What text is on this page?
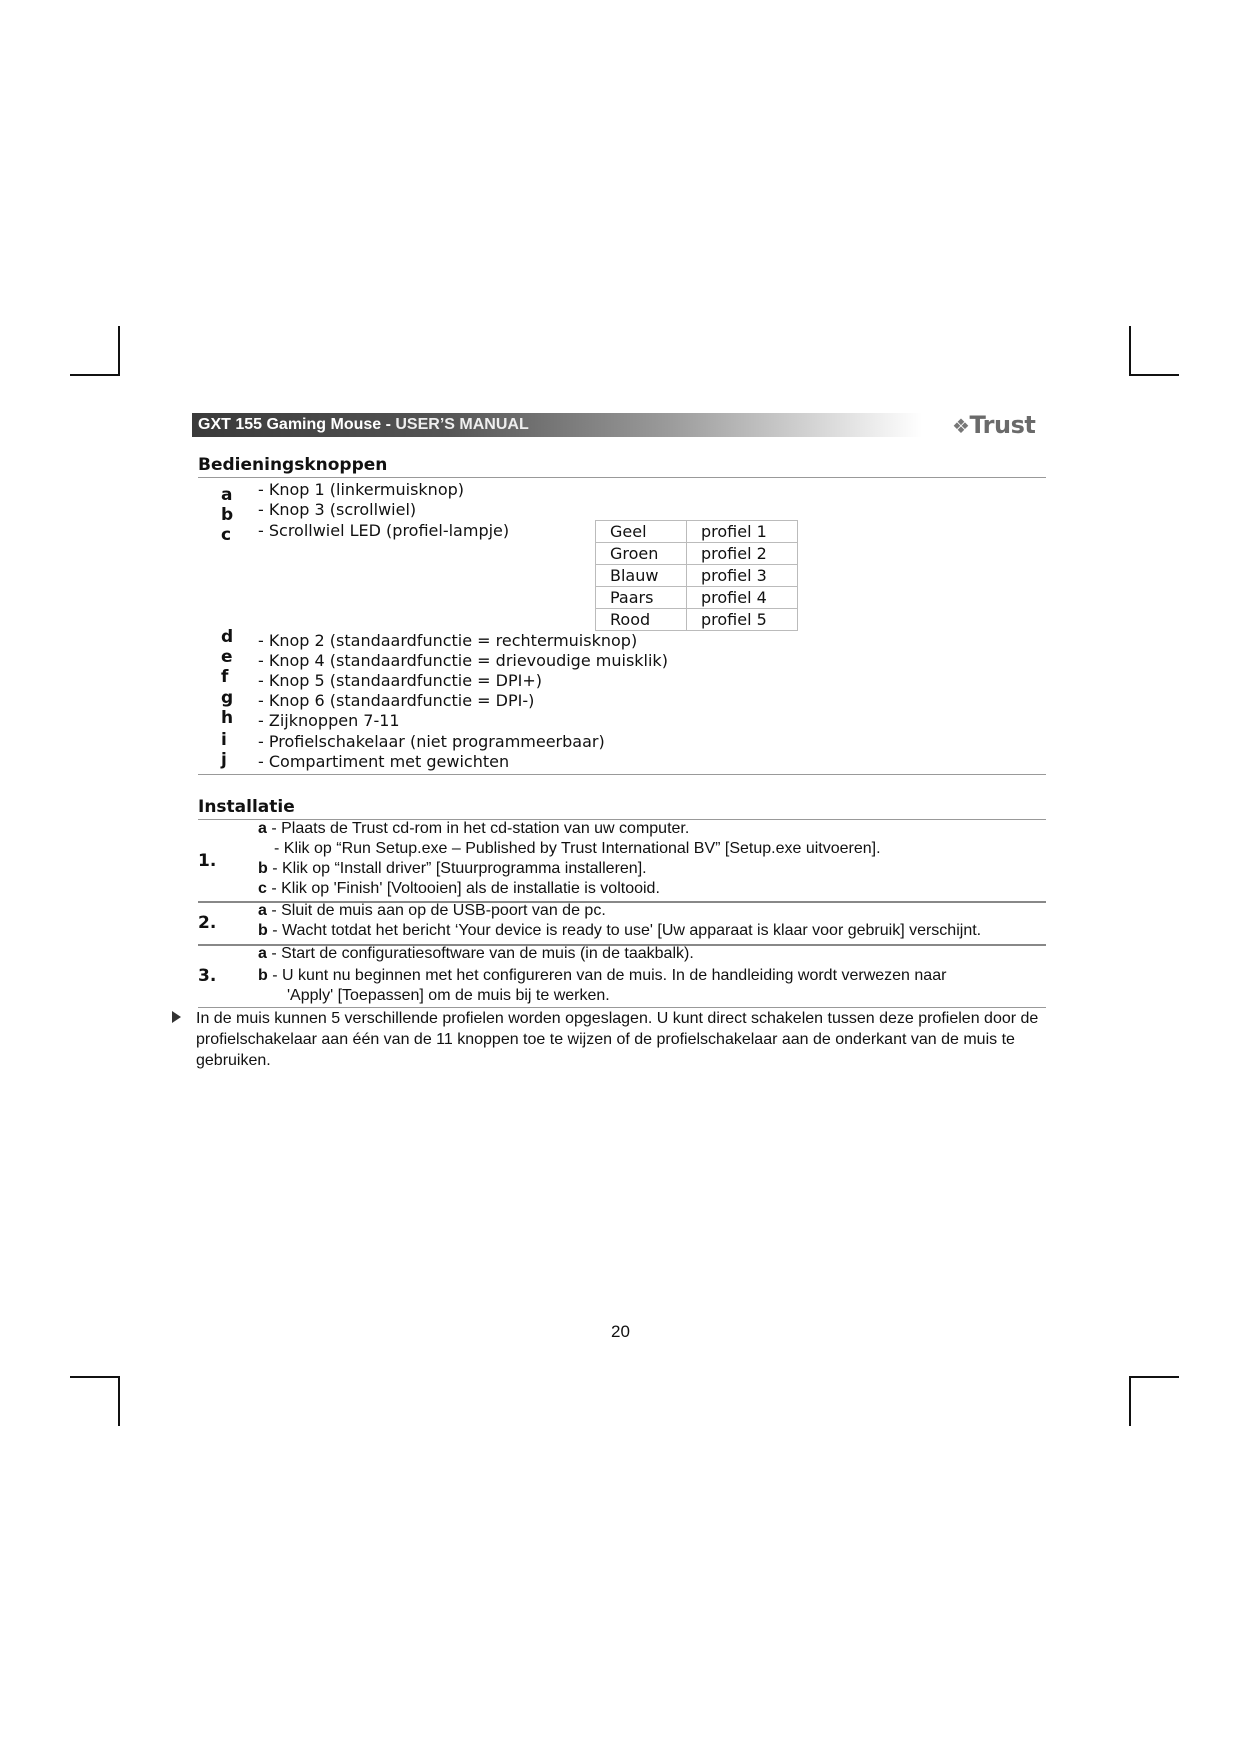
GXT 155 Gaming Mouse - USER’S MANUAL	❖Trust
Bedieningsknoppen
a - Knop 1 (linkermuisknop)
b - Knop 3 (scrollwiel)
c - Scrollwiel LED (profiel-lampje)	Geel	profiel 1
Groen	profiel 2
Blauw	profiel 3
Paars	profiel 4
Rood	profiel 5
d - Knop 2 (standaardfunctie = rechtermuisknop)
e - Knop 4 (standaardfunctie = drievoudige muisklik)
f - Knop 5 (standaardfunctie = DPI+)
g - Knop 6 (standaardfunctie = DPI-)
h - Zijknoppen 7-11
i - Profielschakelaar (niet programmeerbaar)
j - Compartiment met gewichten
Installatie
1.
a - Plaats de Trust cd-rom in het cd-station van uw computer.
- Klik op “Run Setup.exe – Published by Trust International BV” [Setup.exe uitvoeren].
b - Klik op “Install driver” [Stuurprogramma installeren].
c - Klik op 'Finish' [Voltooien] als de installatie is voltooid.
2.
a - Sluit de muis aan op de USB-poort van de pc.
b - Wacht totdat het bericht ‘Your device is ready to use' [Uw apparaat is klaar voor gebruik] verschijnt.
3.
a - Start de configuratiesoftware van de muis (in de taakbalk).
b - U kunt nu beginnen met het configureren van de muis. In de handleiding wordt verwezen naar
'Apply' [Toepassen] om de muis bij te werken.
In de muis kunnen 5 verschillende profielen worden opgeslagen. U kunt direct schakelen tussen deze profielen door de profielschakelaar aan één van de 11 knoppen toe te wijzen of de profielschakelaar aan de onderkant van de muis te gebruiken.
20
